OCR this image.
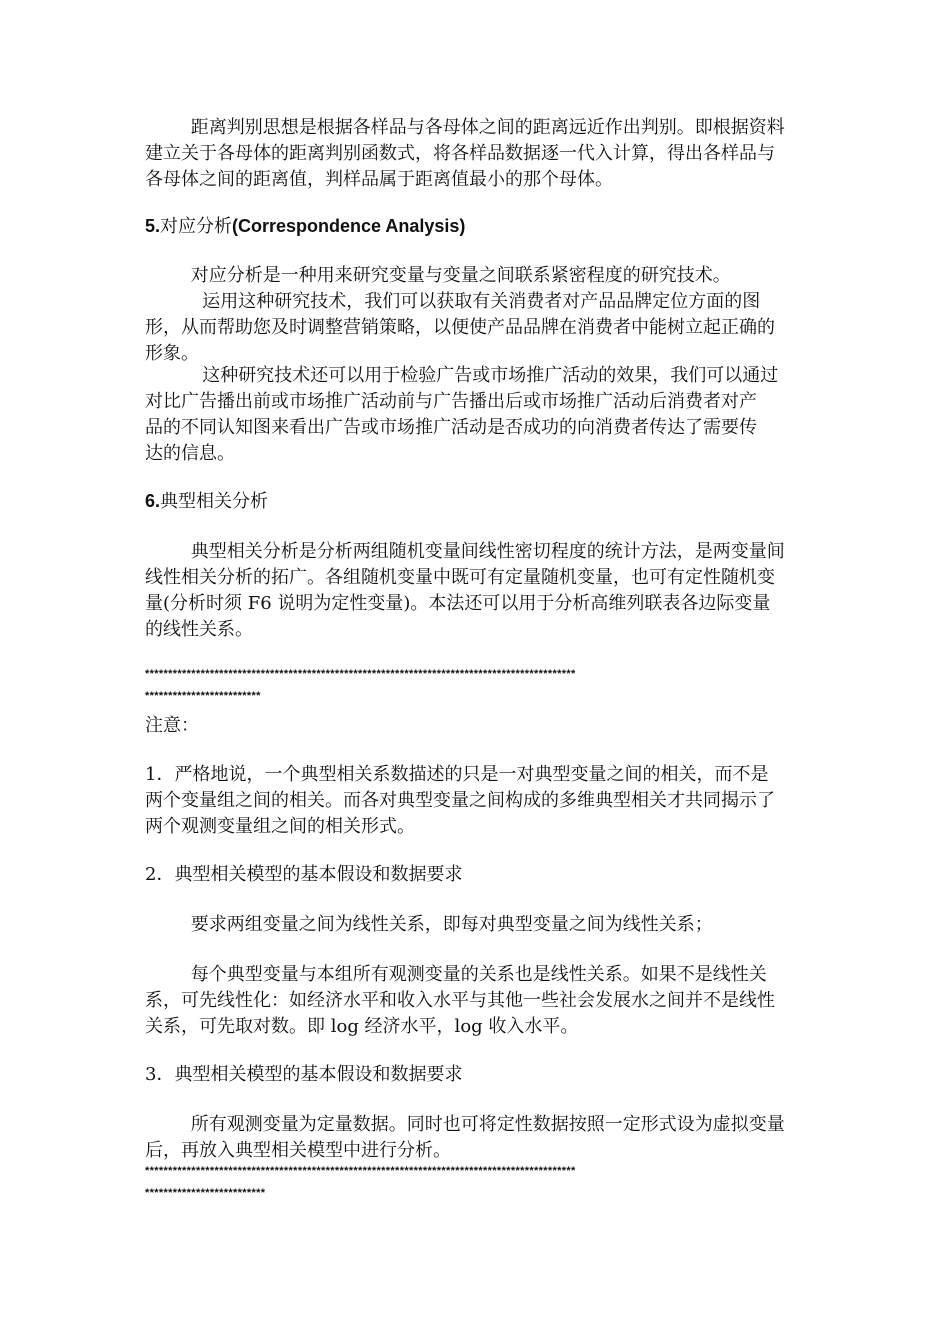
距离判别思想是根据各样品与各母体之间的距离远近作出判别。即根据资料
建立关于各母体的距离判别函数式，将各样品数据逐一代入计算，得出各样品与
各母体之间的距离值，判样品属于距离值最小的那个母体。

5.对应分析(Correspondence Analysis)

对应分析是一种用来研究变量与变量之间联系紧密程度的研究技术。

运用这种研究技术，我们可以获取有关消费者对产品品牌定位方面的图
形，从而帮助您及时调整营销策略，以便使产品品牌在消费者中能树立起正确的
形象。

这种研究技术还可以用于检验广告或市场推广活动的效果，我们可以通过
对比广告播出前或市场推广活动前与广告播出后或市场推广活动后消费者对产
品的不同认知图来看出广告或市场推广活动是否成功的向消费者传达了需要传
达的信息。

6.典型相关分析

典型相关分析是分析两组随机变量间线性密切程度的统计方法，是两变量间
线性相关分析的拓广。各组随机变量中既可有定量随机变量，也可有定性随机变
量(分析时须 F6 说明为定性变量)。本法还可以用于分析高维列联表各边际变量
的线性关系。

*********************************************************************************************
*************************

注意：

1．严格地说，一个典型相关系数描述的只是一对典型变量之间的相关，而不是
两个变量组之间的相关。而各对典型变量之间构成的多维典型相关才共同揭示了
两个观测变量组之间的相关形式。

2．典型相关模型的基本假设和数据要求

要求两组变量之间为线性关系，即每对典型变量之间为线性关系；

每个典型变量与本组所有观测变量的关系也是线性关系。如果不是线性关
系，可先线性化：如经济水平和收入水平与其他一些社会发展水之间并不是线性
关系，可先取对数。即 log 经济水平，log 收入水平。

3．典型相关模型的基本假设和数据要求

所有观测变量为定量数据。同时也可将定性数据按照一定形式设为虚拟变量
后，再放入典型相关模型中进行分析。

*********************************************************************************************
**************************
